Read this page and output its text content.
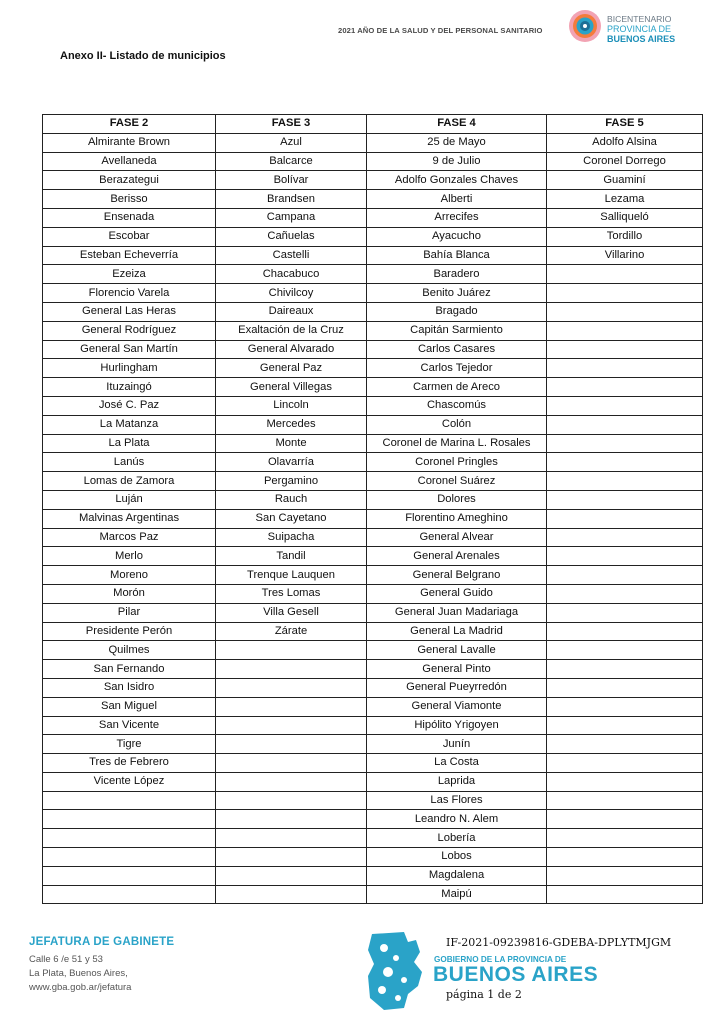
2021 AÑO DE LA SALUD Y DEL PERSONAL SANITARIO
BICENTENARIO
PROVINCIA DE
BUENOS AIRES
Anexo II- Listado de municipios
FASE 2	FASE 3	FASE 4	FASE 5
Almirante Brown	Azul	25 de Mayo	Adolfo Alsina
Avellaneda	Balcarce	9 de Julio	Coronel Dorrego
Berazategui	Bolívar	Adolfo Gonzales Chaves	Guaminí
Berisso	Brandsen	Alberti	Lezama
Ensenada	Campana	Arrecifes	Salliqueló
Escobar	Cañuelas	Ayacucho	Tordillo
Esteban Echeverría	Castelli	Bahía Blanca	Villarino
Ezeiza	Chacabuco	Baradero	
Florencio Varela	Chivilcoy	Benito Juárez	
General Las Heras	Daireaux	Bragado	
General Rodríguez	Exaltación de la Cruz	Capitán Sarmiento	
General San Martín	General Alvarado	Carlos Casares	
Hurlingham	General Paz	Carlos Tejedor	
Ituzaingó	General Villegas	Carmen de Areco	
José C. Paz	Lincoln	Chascomús	
La Matanza	Mercedes	Colón	
La Plata	Monte	Coronel de Marina L. Rosales	
Lanús	Olavarría	Coronel Pringles	
Lomas de Zamora	Pergamino	Coronel Suárez	
Luján	Rauch	Dolores	
Malvinas Argentinas	San Cayetano	Florentino Ameghino	
Marcos Paz	Suipacha	General Alvear	
Merlo	Tandil	General Arenales	
Moreno	Trenque Lauquen	General Belgrano	
Morón	Tres Lomas	General Guido	
Pilar	Villa Gesell	General Juan Madariaga	
Presidente Perón	Zárate	General La Madrid	
Quilmes		General Lavalle	
San Fernando		General Pinto	
San Isidro		General Pueyrredón	
San Miguel		General Viamonte	
San Vicente		Hipólito Yrigoyen	
Tigre		Junín	
Tres de Febrero		La Costa	
Vicente López		Laprida	
		Las Flores	
		Leandro N. Alem	
		Lobería	
		Lobos	
		Magdalena	
		Maipú	
JEFATURA DE GABINETE
Calle 6 /e 51 y 53
La Plata, Buenos Aires,
www.gba.gob.ar/jefatura
IF-2021-09239816-GDEBA-DPLYTMJGM
GOBIERNO DE LA PROVINCIA DE
BUENOS AIRES
página 1 de 2
